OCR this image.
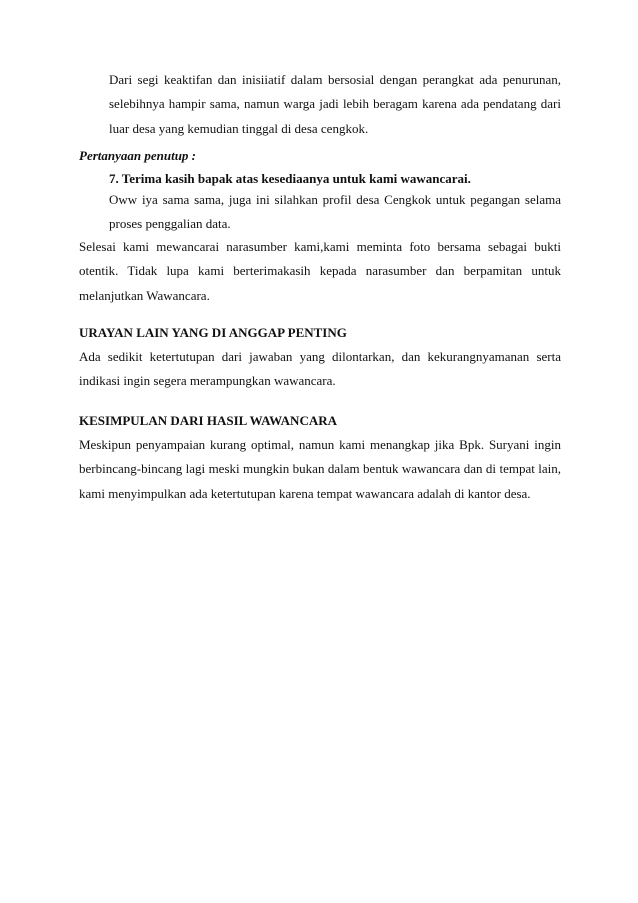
Dari segi keaktifan dan inisiiatif dalam bersosial dengan perangkat ada penurunan, selebihnya hampir sama, namun warga jadi lebih beragam karena ada pendatang dari luar desa yang kemudian tinggal di desa cengkok.
Pertanyaan penutup :
7. Terima kasih bapak atas kesediaanya untuk kami wawancarai.
Oww iya sama sama, juga ini silahkan profil desa Cengkok untuk pegangan selama proses penggalian data.
Selesai kami mewancarai narasumber kami,kami meminta foto bersama sebagai bukti otentik. Tidak lupa kami berterimakasih kepada narasumber dan berpamitan untuk melanjutkan Wawancara.
URAYAN LAIN YANG DI ANGGAP PENTING
Ada sedikit ketertutupan dari jawaban yang dilontarkan, dan kekurangnyamanan serta indikasi ingin segera merampungkan wawancara.
KESIMPULAN DARI HASIL WAWANCARA
Meskipun penyampaian kurang optimal, namun kami menangkap jika Bpk. Suryani ingin berbincang-bincang lagi meski mungkin bukan dalam bentuk wawancara dan di tempat lain, kami menyimpulkan ada ketertutupan karena tempat wawancara adalah di kantor desa.
